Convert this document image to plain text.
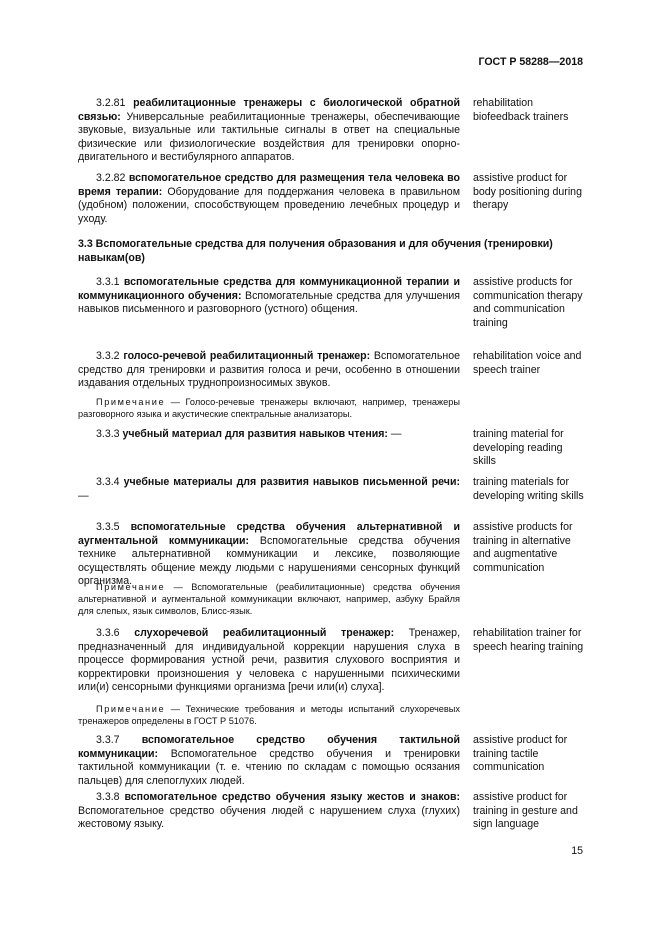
ГОСТ Р 58288—2018
3.2.81 реабилитационные тренажеры с биологической обратной связью: Универсальные реабилитационные тренажеры, обеспечивающие звуковые, визуальные или тактильные сигналы в ответ на специальные физические или физиологические воздействия для тренировки опорно-двигательного и вестибулярного аппаратов.
rehabilitation biofeedback trainers
3.2.82 вспомогательное средство для размещения тела человека во время терапии: Оборудование для поддержания человека в правильном (удобном) положении, способствующем проведению лечебных процедур и уходу.
assistive product for body positioning during therapy
3.3 Вспомогательные средства для получения образования и для обучения (тренировки) навыкам(ов)
3.3.1 вспомогательные средства для коммуникационной терапии и коммуникационного обучения: Вспомогательные средства для улучшения навыков письменного и разговорного (устного) общения.
assistive products for communication therapy and communication training
3.3.2 голосо-речевой реабилитационный тренажер: Вспомогательное средство для тренировки и развития голоса и речи, особенно в отношении издавания отдельных труднопроизносимых звуков.
rehabilitation voice and speech trainer
Примечание — Голосо-речевые тренажеры включают, например, тренажеры разговорного языка и акустические спектральные анализаторы.
3.3.3 учебный материал для развития навыков чтения: —	training material for developing reading skills
3.3.4 учебные материалы для развития навыков письменной речи: —
training materials for developing writing skills
3.3.5 вспомогательные средства обучения альтернативной и аугментальной коммуникации: Вспомогательные средства обучения технике альтернативной коммуникации и лексике, позволяющие осуществлять общение между людьми с нарушениями сенсорных функций организма.
assistive products for training in alternative and augmentative communication
Примечание — Вспомогательные (реабилитационные) средства обучения альтернативной и аугментальной коммуникации включают, например, азбуку Брайля для слепых, язык символов, Блисс-язык.
3.3.6 слухоречевой реабилитационный тренажер: Тренажер, предназначенный для индивидуальной коррекции нарушения слуха в процессе формирования устной речи, развития слухового восприятия и корректировки произношения у человека с нарушенными психическими или(и) сенсорными функциями организма [речи или(и) слуха].
rehabilitation trainer for speech hearing training
Примечание — Технические требования и методы испытаний слухоречевых тренажеров определены в ГОСТ Р 51076.
3.3.7 вспомогательное средство обучения тактильной коммуникации: Вспомогательное средство обучения и тренировки тактильной коммуникации (т. е. чтению по складам с помощью осязания пальцев) для слепоглухих людей.
assistive product for training tactile communication
3.3.8 вспомогательное средство обучения языку жестов и знаков: Вспомогательное средство обучения людей с нарушением слуха (глухих) жестовому языку.
assistive product for training in gesture and sign language
15
